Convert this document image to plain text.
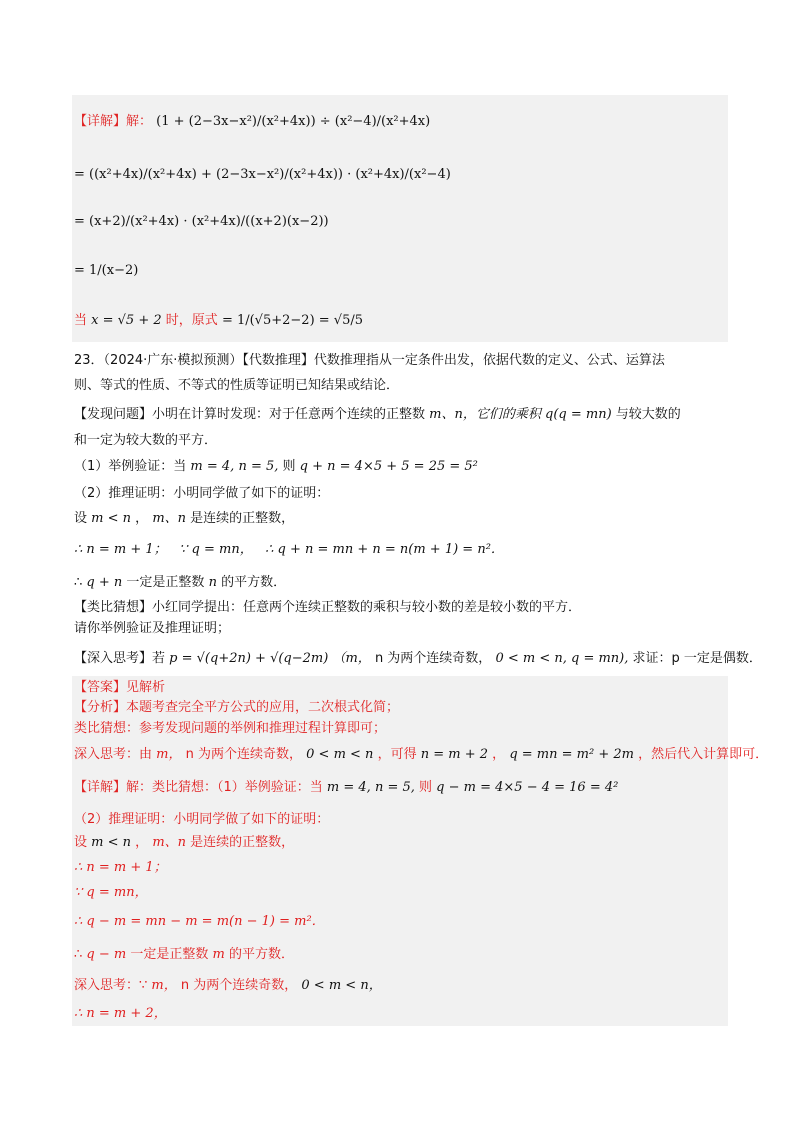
【详解】解： (1 + (2−3x−x²)/(x²+4x)) ÷ (x²−4)/(x²+4x)
= ((x²+4x)/(x²+4x) + (2−3x−x²)/(x²+4x)) · (x²+4x)/(x²−4)
= (x+2)/(x²+4x) · (x²+4x)/((x+2)(x−2))
= 1/(x−2)
当 x = √5 + 2 时，原式 = 1/(√5+2−2) = √5/5
23．（2024·广东·模拟预测）【代数推理】代数推理指从一定条件出发，依据代数的定义、公式、运算法
则、等式的性质、不等式的性质等证明已知结果或结论．
【发现问题】小明在计算时发现：对于任意两个连续的正整数 m、n，它们的乘积 q(q = mn) 与较大数的
和一定为较大数的平方．
（1）举例验证：当 m = 4, n = 5, 则 q + n = 4×5 + 5 = 25 = 5²
（2）推理证明：小明同学做了如下的证明：
设 m < n ， m、n 是连续的正整数，
∴ n = m + 1； ∵ q = mn， ∴ q + n = mn + n = n(m + 1) = n²．
∴ q + n 一定是正整数 n 的平方数．
【类比猜想】小红同学提出：任意两个连续正整数的乘积与较小数的差是较小数的平方．
请你举例验证及推理证明；
【深入思考】若 p = √(q+2n) + √(q−2m) （m， n 为两个连续奇数， 0 < m < n, q = mn), 求证：p 一定是偶数．
【答案】见解析
【分析】本题考查完全平方公式的应用，二次根式化简；
类比猜想：参考发现问题的举例和推理过程计算即可；
深入思考：由 m， n 为两个连续奇数， 0 < m < n ，可得 n = m + 2 ， q = mn = m² + 2m ，然后代入计算即可．
【详解】解：类比猜想：（1）举例验证：当 m = 4, n = 5, 则 q − m = 4×5 − 4 = 16 = 4²
（2）推理证明：小明同学做了如下的证明：
设 m < n ， m、n 是连续的正整数，
∴ n = m + 1；
∵ q = mn，
∴ q − m = mn − m = m(n − 1) = m²．
∴ q − m 一定是正整数 m 的平方数．
深入思考：∵ m， n 为两个连续奇数， 0 < m < n，
∴ n = m + 2，
